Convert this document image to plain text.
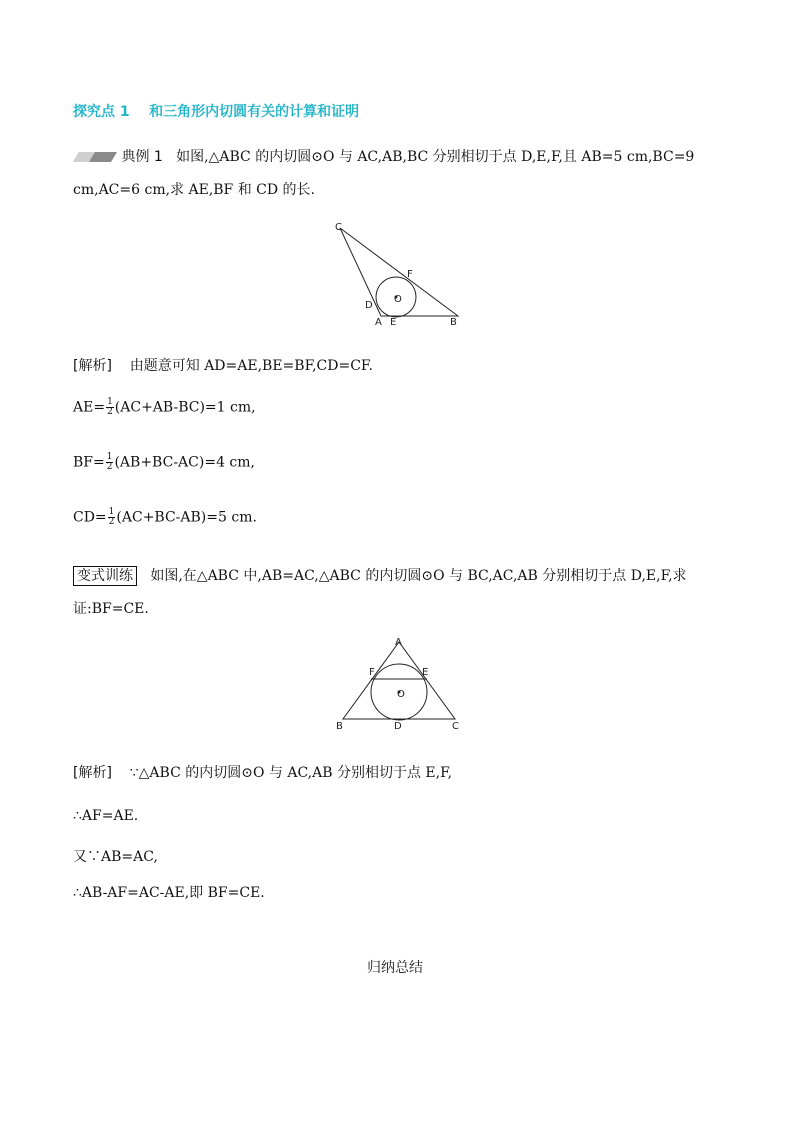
探究点 1 和三角形内切圆有关的计算和证明
典例 1 如图,△ABC 的内切圆⊙O 与 AC,AB,BC 分别相切于点 D,E,F,且 AB=5 cm,BC=9
cm,AC=6 cm,求 AE,BF 和 CD 的长.
C
F
D
O
A E	B
[解析] 由题意可知 AD=AE,BE=BF,CD=CF.
$AE= \frac{1}{2} (AC+AB-BC)=1$ cm,
$BF= \frac{1}{2} (AB+BC-AC)=4$ cm,
$CD= \frac{1}{2} (AC+BC-AB)=5$ cm.
变式训练 如图,在△ABC 中,AB=AC,△ABC 的内切圆⊙O 与 BC,AC,AB 分别相切于点 D,E,F,求
证:BF=CE.
A
F	E
O
B	D	C
[解析] ∵△ABC 的内切圆⊙O 与 AC,AB 分别相切于点 E,F,
∴AF=AE.
又∵AB=AC,
∴AB-AF=AC-AE,即 BF=CE.
归纳总结
